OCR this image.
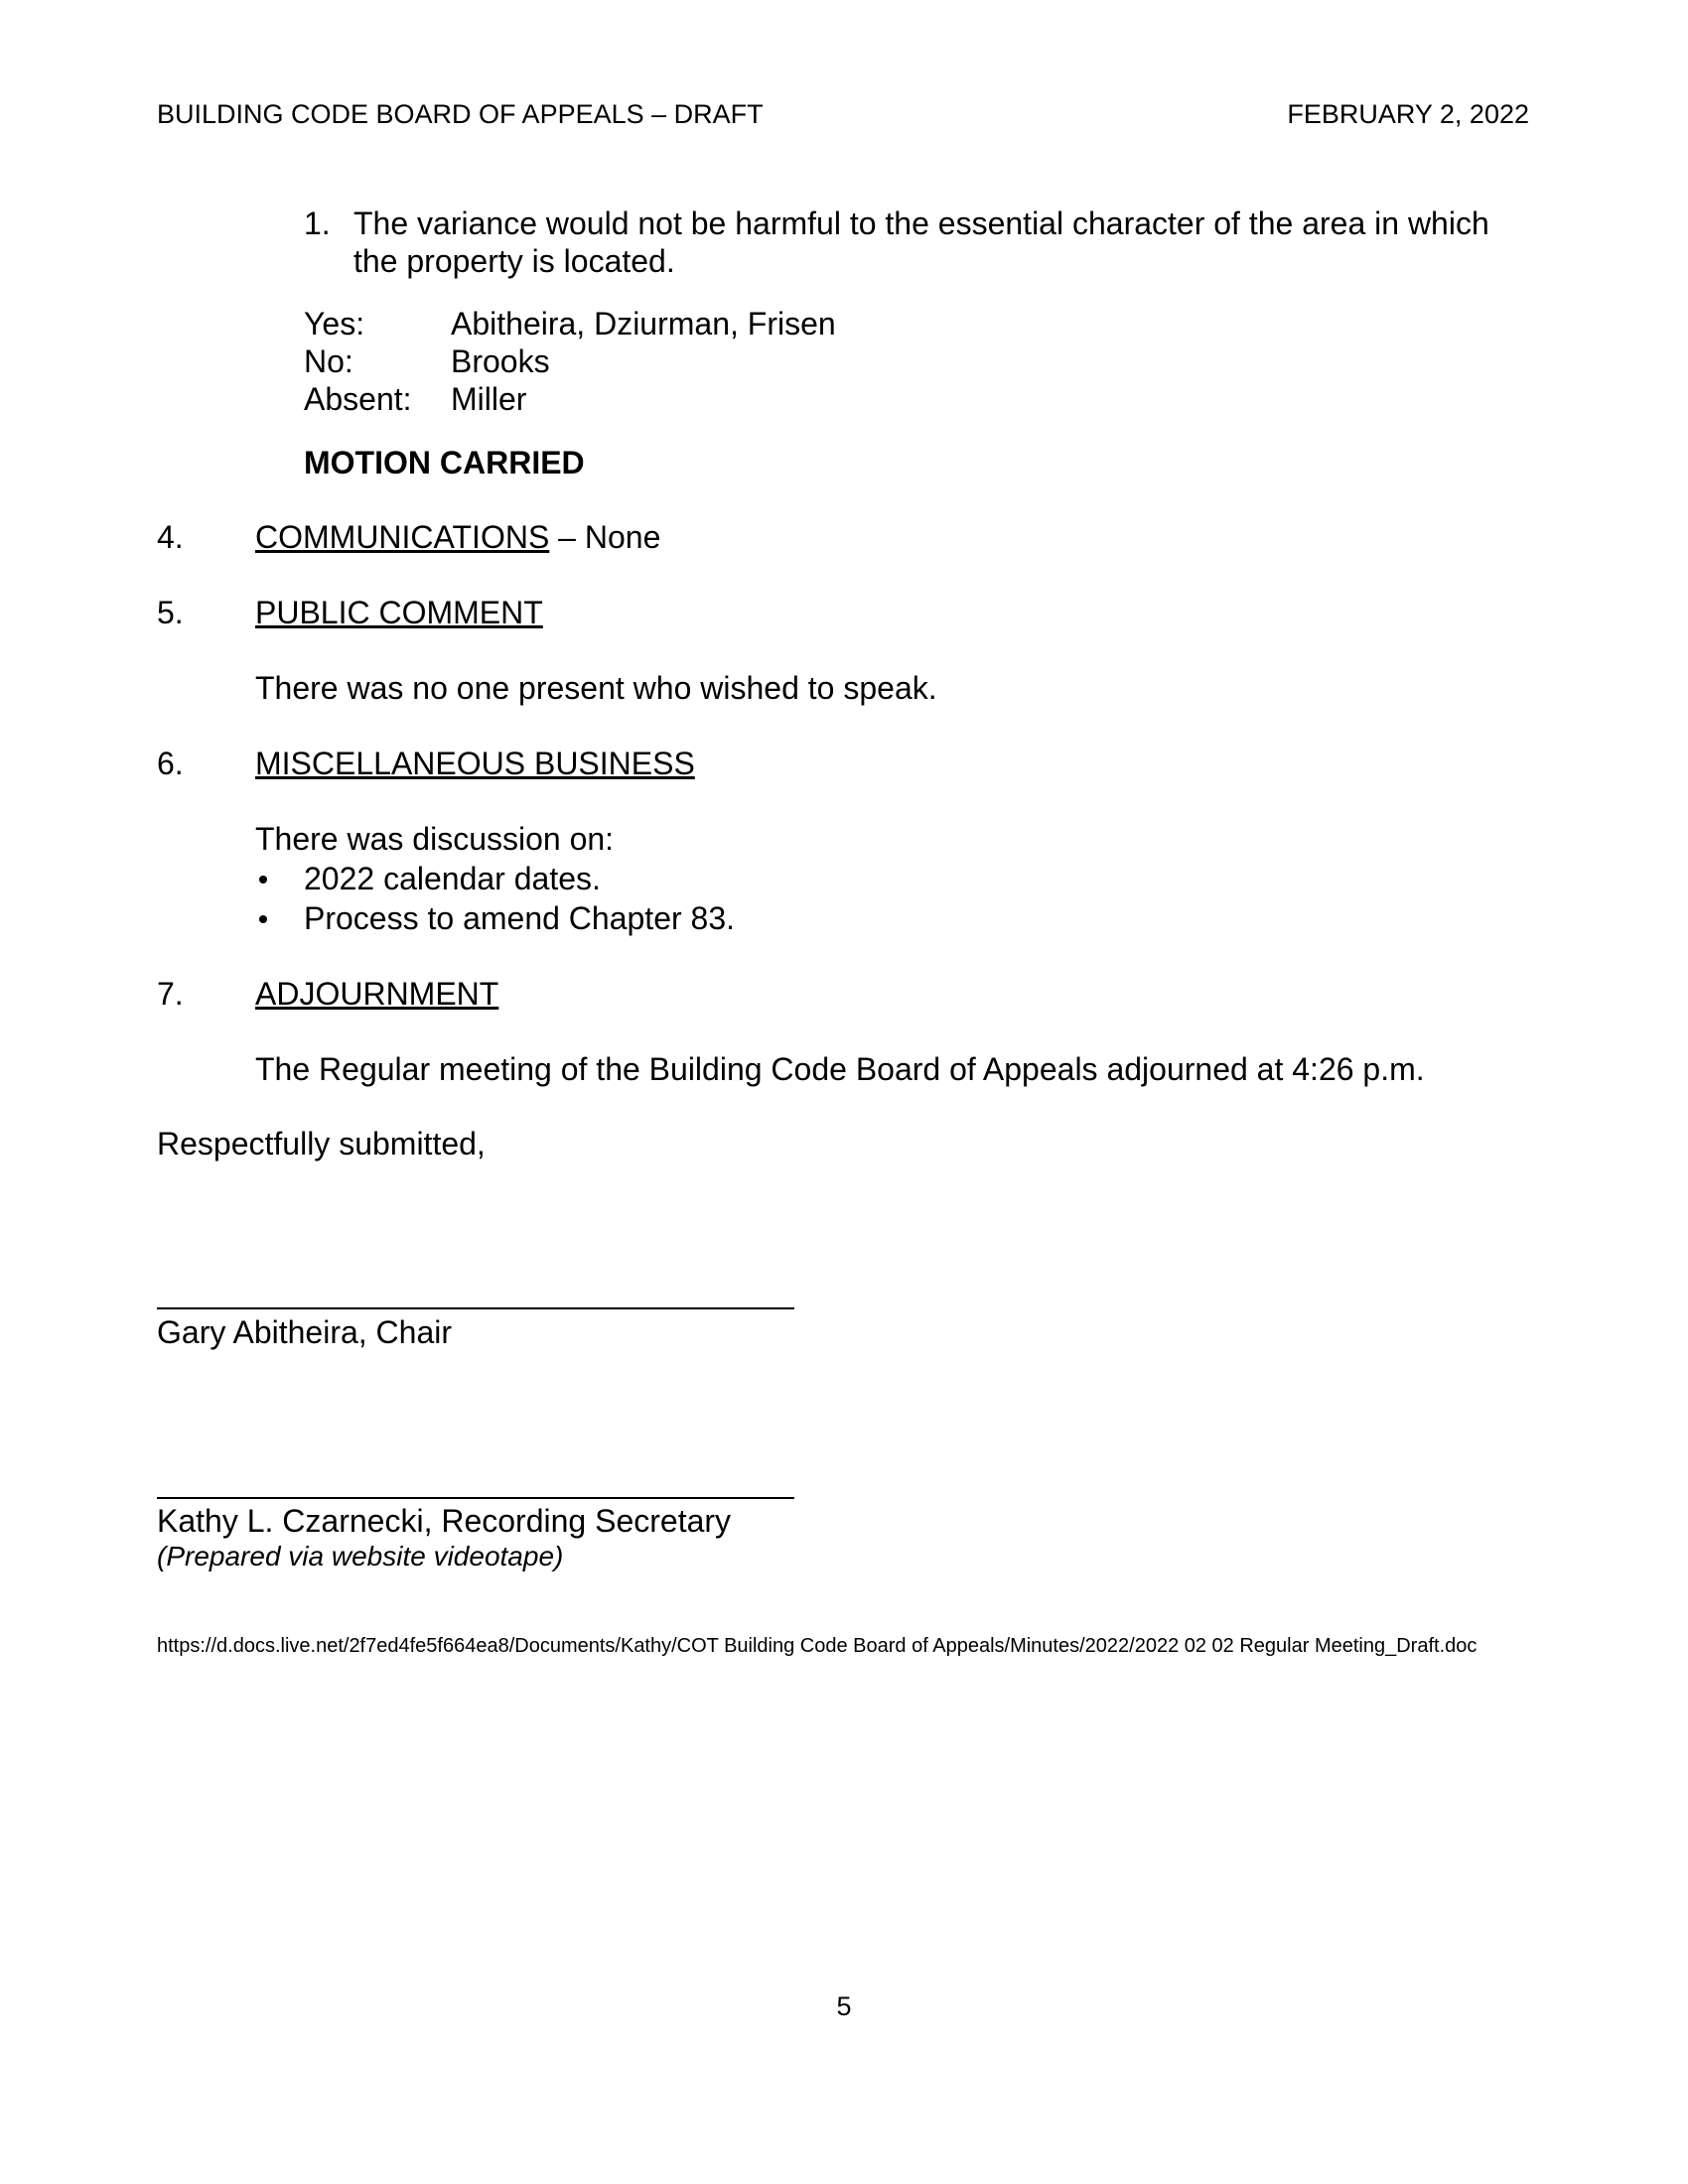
BUILDING CODE BOARD OF APPEALS – DRAFT	FEBRUARY 2, 2022
1. The variance would not be harmful to the essential character of the area in which
the property is located.
Yes:	Abitheira, Dziurman, Frisen
No:	Brooks
Absent: Miller
MOTION CARRIED
4. COMMUNICATIONS – None
5. PUBLIC COMMENT
There was no one present who wished to speak.
6. MISCELLANEOUS BUSINESS
There was discussion on:
2022 calendar dates.
Process to amend Chapter 83.
7. ADJOURNMENT
The Regular meeting of the Building Code Board of Appeals adjourned at 4:26 p.m.
Respectfully submitted,
Gary Abitheira, Chair
Kathy L. Czarnecki, Recording Secretary
(Prepared via website videotape)
https://d.docs.live.net/2f7ed4fe5f664ea8/Documents/Kathy/COT Building Code Board of Appeals/Minutes/2022/2022 02 02 Regular Meeting_Draft.doc
5
